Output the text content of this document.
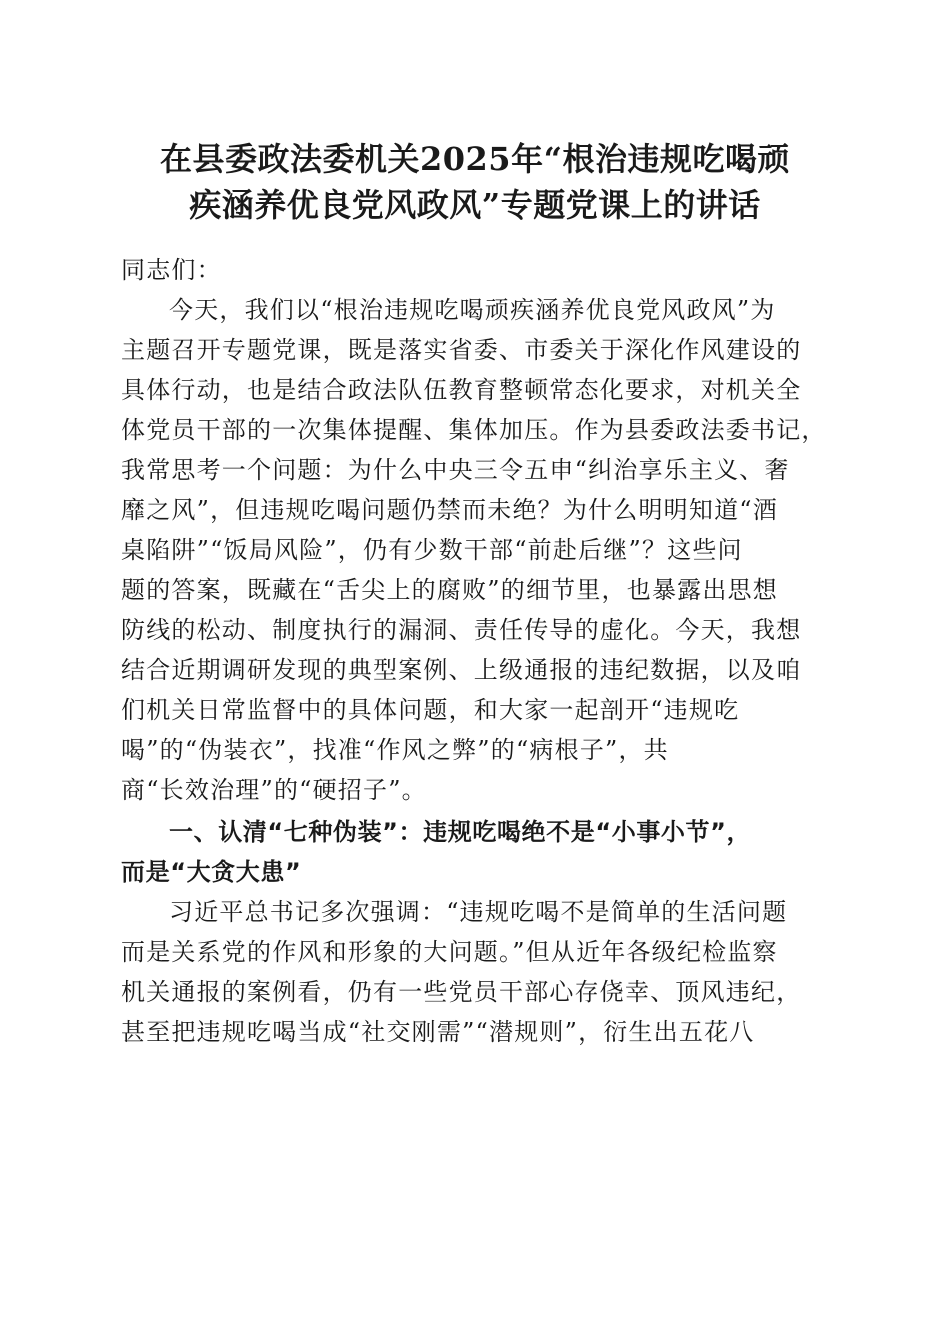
在县委政法委机关2025年“根治违规吃喝顽
疾涵养优良党风政风”专题党课上的讲话
同志们：
今天，我们以“根治违规吃喝顽疾涵养优良党风政风”为
主题召开专题党课，既是落实省委、市委关于深化作风建设的
具体行动，也是结合政法队伍教育整顿常态化要求，对机关全
体党员干部的一次集体提醒、集体加压。作为县委政法委书记，
我常思考一个问题：为什么中央三令五申“纠治享乐主义、奢
靡之风”，但违规吃喝问题仍禁而未绝？为什么明明知道“酒
桌陷阱”“饭局风险”，仍有少数干部“前赴后继”？这些问
题的答案，既藏在“舌尖上的腐败”的细节里，也暴露出思想
防线的松动、制度执行的漏洞、责任传导的虚化。今天，我想
结合近期调研发现的典型案例、上级通报的违纪数据，以及咱
们机关日常监督中的具体问题，和大家一起剖开“违规吃
喝”的“伪装衣”，找准“作风之弊”的“病根子”，共
商“长效治理”的“硬招子”。
一、认清“七种伪装”：违规吃喝绝不是“小事小节”，
而是“大贪大患”
习近平总书记多次强调：“违规吃喝不是简单的生活问题
而是关系党的作风和形象的大问题。”但从近年各级纪检监察
机关通报的案例看，仍有一些党员干部心存侥幸、顶风违纪，
甚至把违规吃喝当成“社交刚需”“潜规则”，衍生出五花八
